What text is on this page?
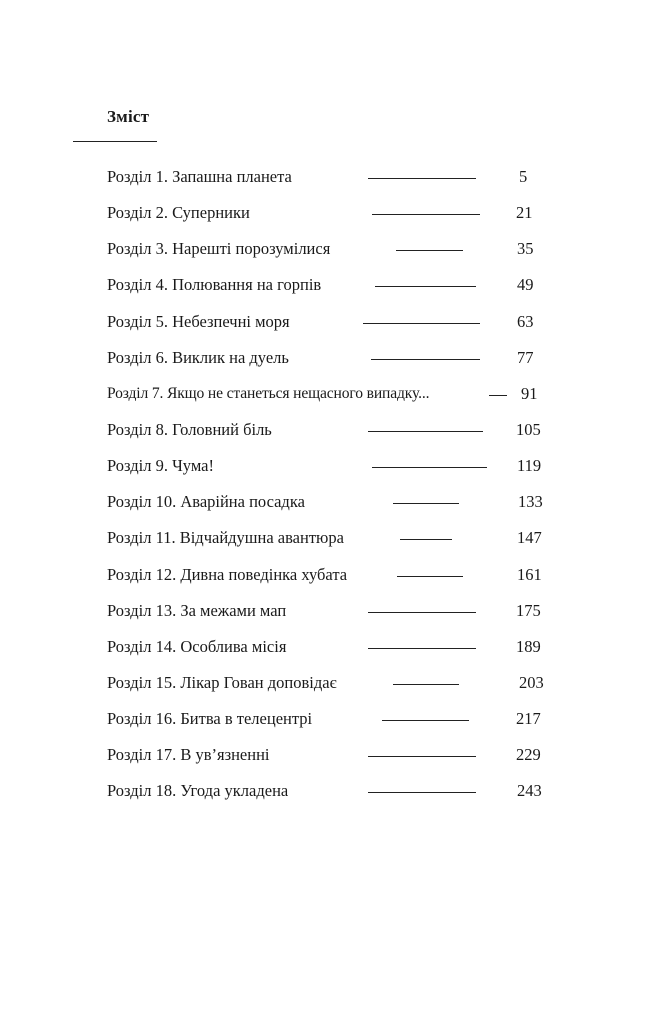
Зміст
Розділ 1. Запашна планета	5
Розділ 2. Суперники	21
Розділ 3. Нарешті порозумілися	35
Розділ 4. Полювання на горпів	49
Розділ 5. Небезпечні моря	63
Розділ 6. Виклик на дуель	77
Розділ 7. Якщо не станеться нещасного випадку...	91
Розділ 8. Головний біль	105
Розділ 9. Чума!	119
Розділ 10. Аварійна посадка	133
Розділ 11. Відчайдушна авантюра	147
Розділ 12. Дивна поведінка хубата	161
Розділ 13. За межами мап	175
Розділ 14. Особлива місія	189
Розділ 15. Лікар Гован доповідає	203
Розділ 16. Битва в телецентрі	217
Розділ 17. В ув’язненні	229
Розділ 18. Угода укладена	243
